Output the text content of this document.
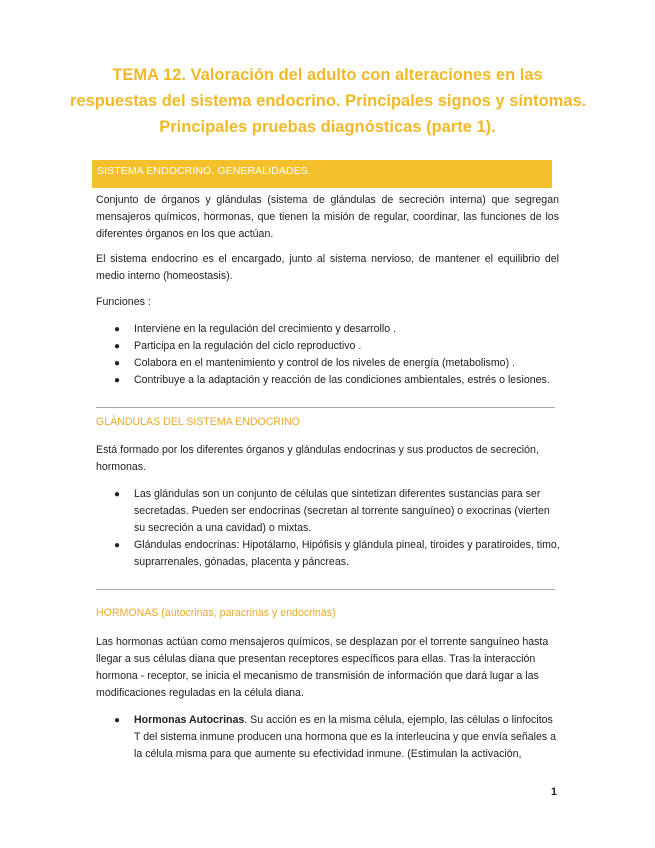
TEMA 12. Valoración del adulto con alteraciones en las
respuestas del sistema endocrino. Principales signos y síntomas.
Principales pruebas diagnósticas (parte 1).
SISTEMA ENDOCRINO. GENERALIDADES.
Conjunto de órganos y glándulas (sistema de glándulas de secreción interna) que segregan mensajeros químicos, hormonas, que tienen la misión de regular, coordinar, las funciones de los diferentes órganos en los que actúan.
El sistema endocrino es el encargado, junto al sistema nervioso, de mantener el equilibrio del medio interno (homeostasis).
Funciones :
● Interviene en la regulación del crecimiento y desarrollo .
● Participa en la regulación del ciclo reproductivo .
● Colabora en el mantenimiento y control de los niveles de energía (metabolismo) .
● Contribuye a la adaptación y reacción de las condiciones ambientales, estrés o lesiones.
GLÁNDULAS DEL SISTEMA ENDOCRINO
Está formado por los diferentes órganos y glándulas endocrinas y sus productos de secreción, hormonas.
● Las glándulas son un conjunto de células que sintetizan diferentes sustancias para ser secretadas. Pueden ser endocrinas (secretan al torrente sanguíneo) o exocrinas (vierten su secreción a una cavidad) o mixtas.
● Glándulas endocrinas: Hipotálamo, Hipófisis y glándula pineal, tiroides y paratiroides, timo, suprarrenales, gónadas, placenta y páncreas.
HORMONAS (autocrinas, paracrinas y endocrinas)
Las hormonas actúan como mensajeros químicos, se desplazan por el torrente sanguíneo hasta llegar a sus células diana que presentan receptores específicos para ellas. Tras la interacción hormona - receptor, se inicia el mecanismo de transmisión de información que dará lugar a las modificaciones reguladas en la célula diana.
● Hormonas Autocrinas. Su acción es en la misma célula, ejemplo, las células o linfocitos T del sistema inmune producen una hormona que es la interleucina y que envía señales a la célula misma para que aumente su efectividad inmune. (Estimulan la activación,
1
